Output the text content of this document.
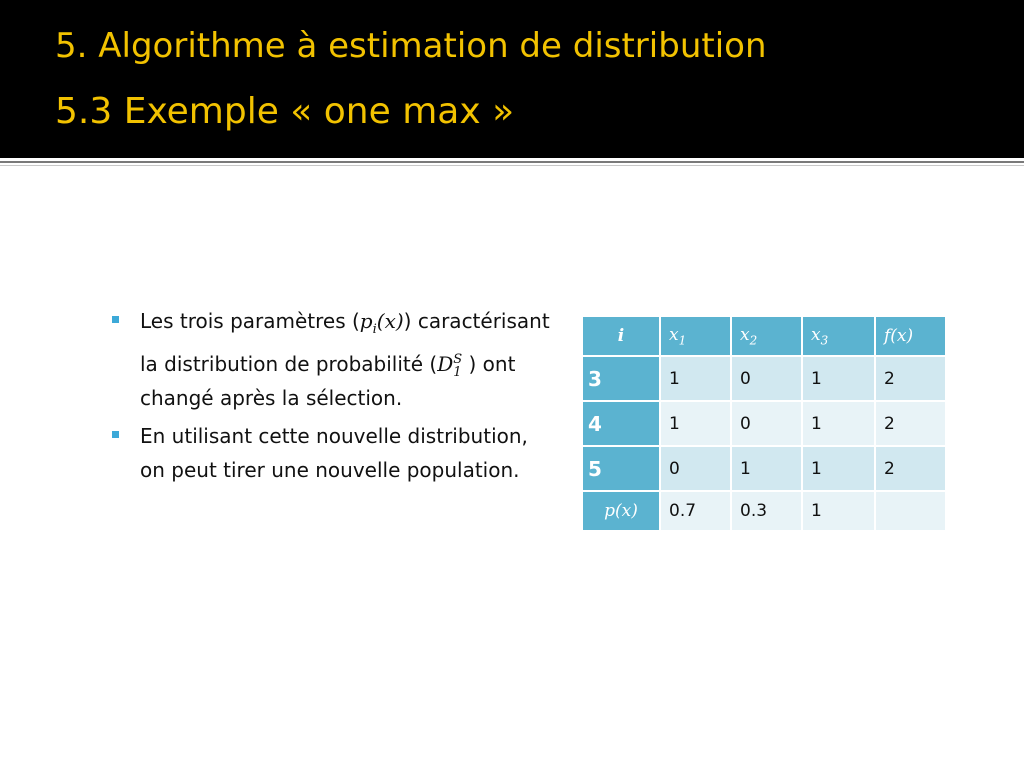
5. Algorithme à estimation de distribution
5.3 Exemple « one max »
Les trois paramètres $(p_i(x))$ caractérisant la distribution de probabilité (D S
1 ) ont changé après la sélection.
En utilisant cette nouvelle distribution, on peut tirer une nouvelle population.
i	$x_1$	$x_2$	$x_3$	f(x)
3	1	0	1	2
4	1	0	1	2
5	0	1	1	2
p(x)	0.7	0.3	1	
